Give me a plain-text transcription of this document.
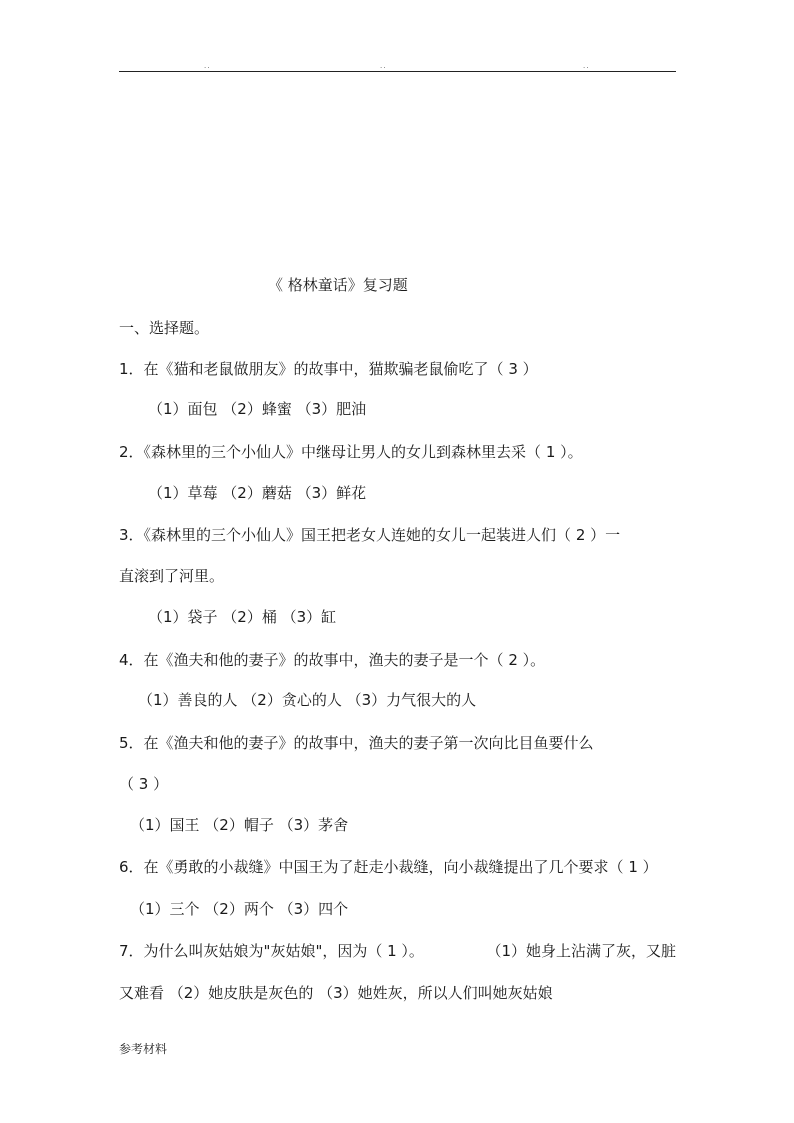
..	..	..
《 格林童话》复习题
一、选择题。
1．在《猫和老鼠做朋友》的故事中，猫欺骗老鼠偷吃了（ 3 ）
（1）面包 （2）蜂蜜 （3）肥油
2．《森林里的三个小仙人》中继母让男人的女儿到森林里去采（ 1 ）。
（1）草莓 （2）蘑菇 （3）鲜花
3．《森林里的三个小仙人》国王把老女人连她的女儿一起装进人们（ 2 ）一
直滚到了河里。
（1）袋子 （2）桶 （3）缸
4．在《渔夫和他的妻子》的故事中，渔夫的妻子是一个（ 2 ）。
（1）善良的人 （2）贪心的人 （3）力气很大的人
5．在《渔夫和他的妻子》的故事中，渔夫的妻子第一次向比目鱼要什么
（ 3 ）
（1）国王 （2）帽子 （3）茅舍
6．在《勇敢的小裁缝》中国王为了赶走小裁缝，向小裁缝提出了几个要求（ 1 ）
（1）三个 （2）两个 （3）四个
7．为什么叫灰姑娘为"灰姑娘"，因为（ 1 ）。	（1）她身上沾满了灰，又脏
又难看 （2）她皮肤是灰色的 （3）她姓灰，所以人们叫她灰姑娘
参考材料
